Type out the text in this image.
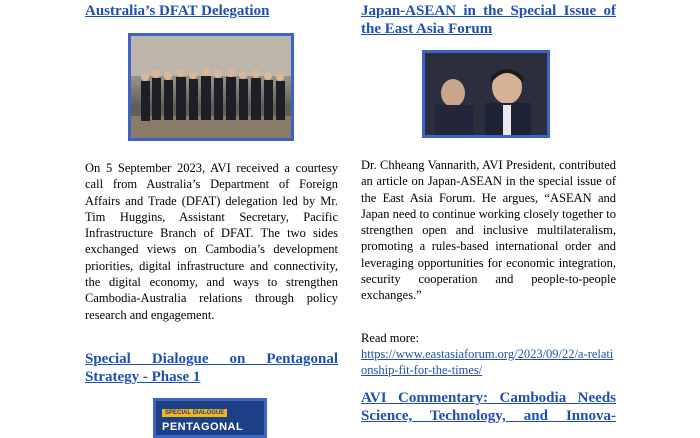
Australia’s DFAT Delegation

On 5 September 2023, AVI received a courtesy call from Australia’s Department of Foreign Affairs and Trade (DFAT) delegation led by Mr. Tim Huggins, Assistant Secretary, Pacific Infrastructure Branch of DFAT. The two sides exchanged views on Cambodia’s development priorities, digital infrastructure and connectivity, the digital economy, and ways to strengthen Cambodia-Australia relations through policy research and engagement.

Special Dialogue on Pentagonal Strategy - Phase 1
SPECIAL DIALOGUE
PENTAGONAL
Japan-ASEAN in the Special Issue of the East Asia Forum

Dr. Chheang Vannarith, AVI President, contributed an article on Japan-ASEAN in the special issue of the East Asia Forum. He argues, “ASEAN and Japan need to continue working closely together to strengthen open and inclusive multilateralism, promoting a rules-based international order and leveraging opportunities for economic integration, security cooperation and people-to-people exchanges.”

Read more:
https://www.eastasiaforum.org/2023/09/22/a-relationship-fit-for-the-times/
AVI Commentary: Cambodia Needs Science, Technology, and Innova-
